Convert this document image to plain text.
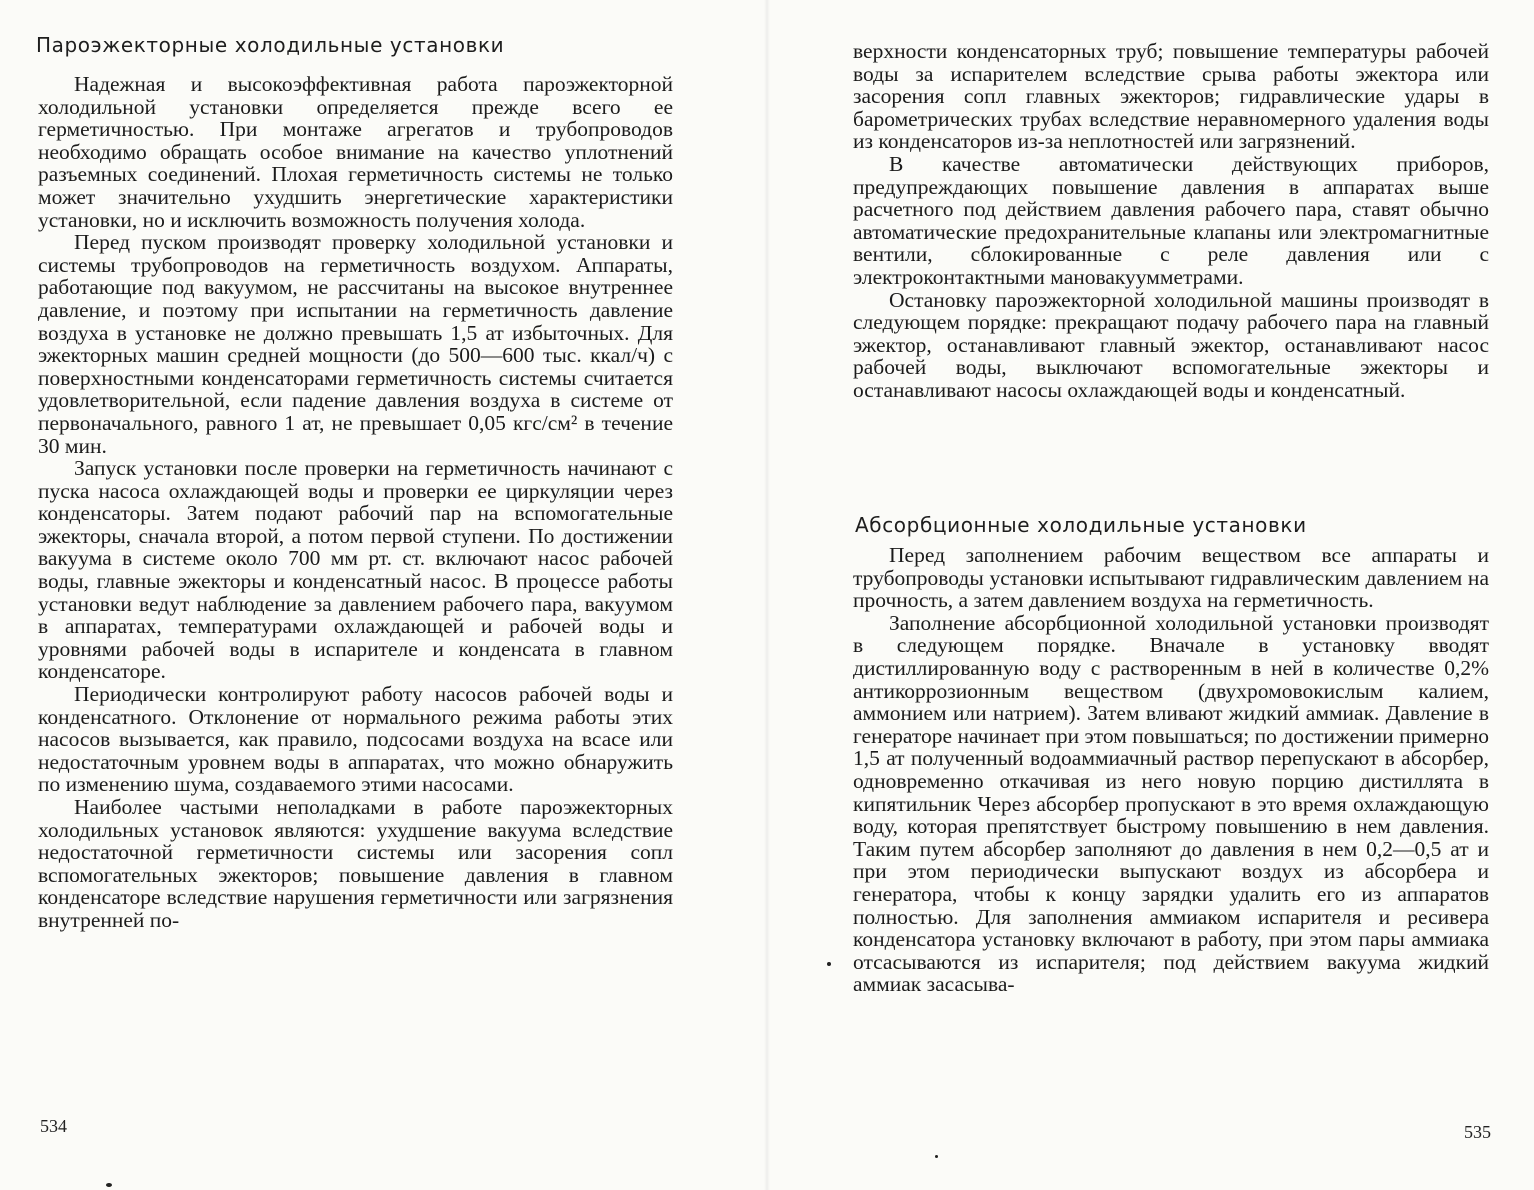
Пароэжекторные холодильные установки

Надежная и высокоэффективная работа пароэжекторной холодильной установки определяется прежде всего ее герметичностью. При монтаже агрегатов и трубопроводов необходимо обращать особое внимание на качество уплотнений разъемных соединений. Плохая герметичность системы не только может значительно ухудшить энергетические характеристики установки, но и исключить возможность получения холода.

Перед пуском производят проверку холодильной установки и системы трубопроводов на герметичность воздухом. Аппараты, работающие под вакуумом, не рассчитаны на высокое внутреннее давление, и поэтому при испытании на герметичность давление воздуха в установке не должно превышать 1,5 ат избыточных. Для эжекторных машин средней мощности (до 500—600 тыс. ккал/ч) с поверхностными конденсаторами герметичность системы считается удовлетворительной, если падение давления воздуха в системе от первоначального, равного 1 ат, не превышает 0,05 кгс/см² в течение 30 мин.

Запуск установки после проверки на герметичность начинают с пуска насоса охлаждающей воды и проверки ее циркуляции через конденсаторы. Затем подают рабочий пар на вспомогательные эжекторы, сначала второй, а потом первой ступени. По достижении вакуума в системе около 700 мм рт. ст. включают насос рабочей воды, главные эжекторы и конденсатный насос. В процессе работы установки ведут наблюдение за давлением рабочего пара, вакуумом в аппаратах, температурами охлаждающей и рабочей воды и уровнями рабочей воды в испарителе и конденсата в главном конденсаторе.

Периодически контролируют работу насосов рабочей воды и конденсатного. Отклонение от нормального режима работы этих насосов вызывается, как правило, подсосами воздуха на всасе или недостаточным уровнем воды в аппаратах, что можно обнаружить по изменению шума, создаваемого этими насосами.

Наиболее частыми неполадками в работе пароэжекторных холодильных установок являются: ухудшение вакуума вследствие недостаточной герметичности системы или засорения сопл вспомогательных эжекторов; повышение давления в главном конденсаторе вследствие нарушения герметичности или загрязнения внутренней по-

534

верхности конденсаторных труб; повышение температуры рабочей воды за испарителем вследствие срыва работы эжектора или засорения сопл главных эжекторов; гидравлические удары в барометрических трубах вследствие неравномерного удаления воды из конденсаторов из-за неплотностей или загрязнений.

В качестве автоматически действующих приборов, предупреждающих повышение давления в аппаратах выше расчетного под действием давления рабочего пара, ставят обычно автоматические предохранительные клапаны или электромагнитные вентили, сблокированные с реле давления или с электроконтактными мановакуумметрами.

Остановку пароэжекторной холодильной машины производят в следующем порядке: прекращают подачу рабочего пара на главный эжектор, останавливают главный эжектор, останавливают насос рабочей воды, выключают вспомогательные эжекторы и останавливают насосы охлаждающей воды и конденсатный.

Абсорбционные холодильные установки

Перед заполнением рабочим веществом все аппараты и трубопроводы установки испытывают гидравлическим давлением на прочность, а затем давлением воздуха на герметичность.

Заполнение абсорбционной холодильной установки производят в следующем порядке. Вначале в установку вводят дистиллированную воду с растворенным в ней в количестве 0,2% антикоррозионным веществом (двухромовокислым калием, аммонием или натрием). Затем вливают жидкий аммиак. Давление в генераторе начинает при этом повышаться; по достижении примерно 1,5 ат полученный водоаммиачный раствор перепускают в абсорбер, одновременно откачивая из него новую порцию дистиллята в кипятильник Через абсорбер пропускают в это время охлаждающую воду, которая препятствует быстрому повышению в нем давления. Таким путем абсорбер заполняют до давления в нем 0,2—0,5 ат и при этом периодически выпускают воздух из абсорбера и генератора, чтобы к концу зарядки удалить его из аппаратов полностью. Для заполнения аммиаком испарителя и ресивера конденсатора установку включают в работу, при этом пары аммиака отсасываются из испарителя; под действием вакуума жидкий аммиак засасыва-

535
